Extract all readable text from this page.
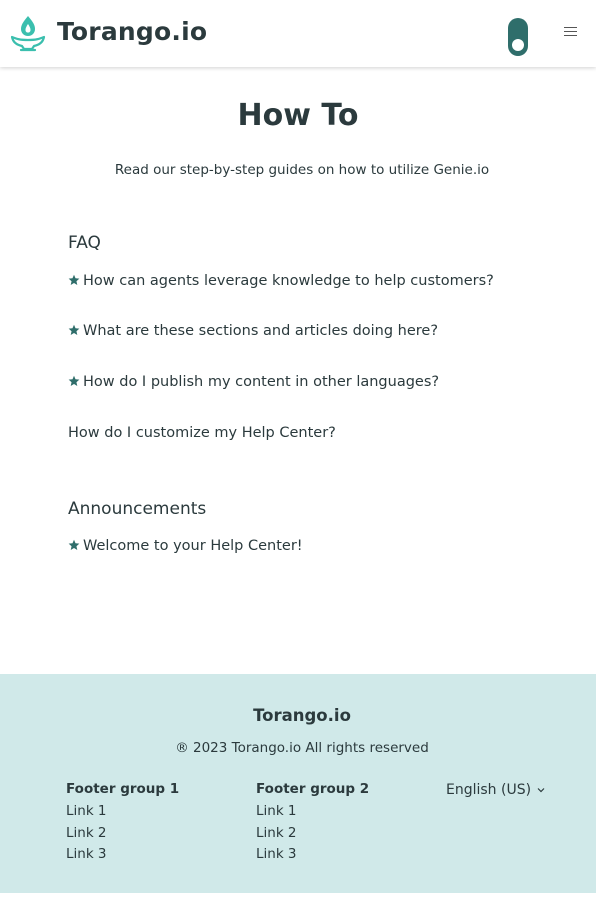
Torango.io
How To

Read our step-by-step guides on how to utilize Genie.io

FAQ
How can agents leverage knowledge to help customers?
What are these sections and articles doing here?
How do I publish my content in other languages?
How do I customize my Help Center?
Announcements
Welcome to your Help Center!
Torango.io
® 2023 Torango.io All rights reserved
Footer group 1
Link 1
Link 2
Link 3
Footer group 2
Link 1
Link 2
Link 3
English (US)
